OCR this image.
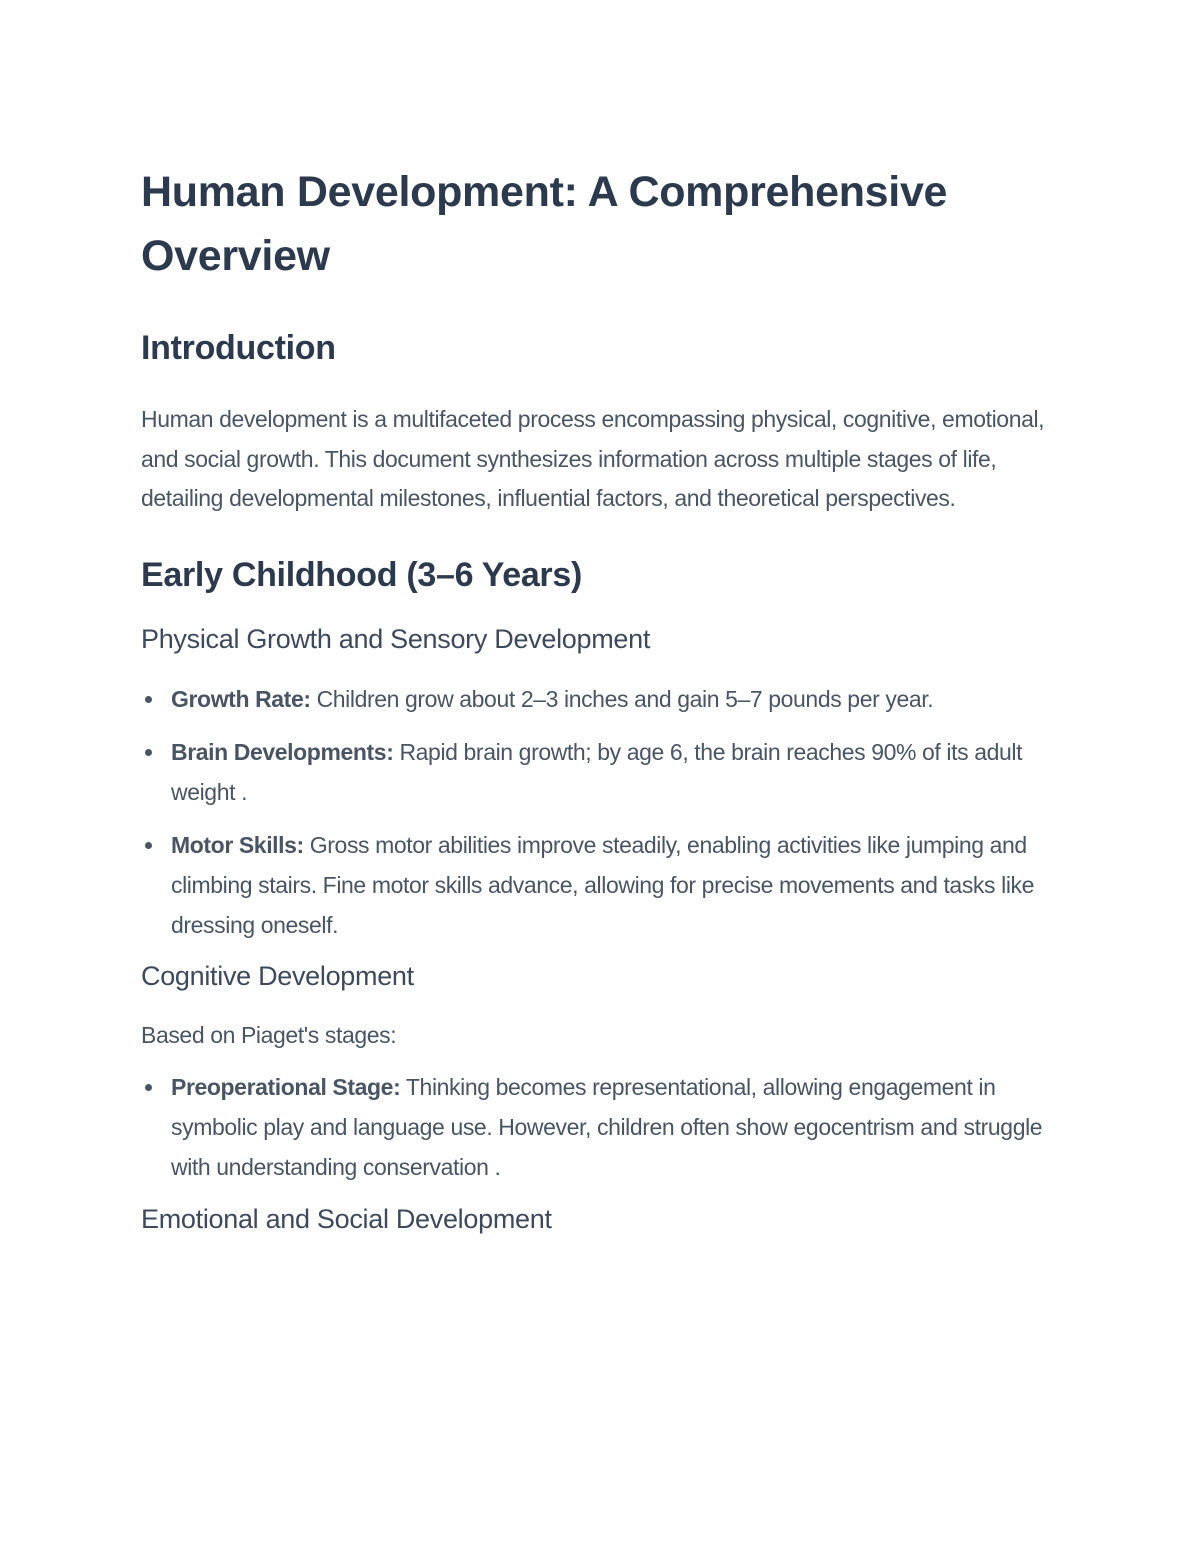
Human Development: A Comprehensive Overview
Introduction

Human development is a multifaceted process encompassing physical, cognitive, emotional, and social growth. This document synthesizes information across multiple stages of life, detailing developmental milestones, influential factors, and theoretical perspectives.

Early Childhood (3–6 Years)
Physical Growth and Sensory Development
Growth Rate: Children grow about 2–3 inches and gain 5–7 pounds per year.
Brain Developments: Rapid brain growth; by age 6, the brain reaches 90% of its adult weight .
Motor Skills: Gross motor abilities improve steadily, enabling activities like jumping and climbing stairs. Fine motor skills advance, allowing for precise movements and tasks like dressing oneself.
Cognitive Development

Based on Piaget's stages:

Preoperational Stage: Thinking becomes representational, allowing engagement in symbolic play and language use. However, children often show egocentrism and struggle with understanding conservation .
Emotional and Social Development
